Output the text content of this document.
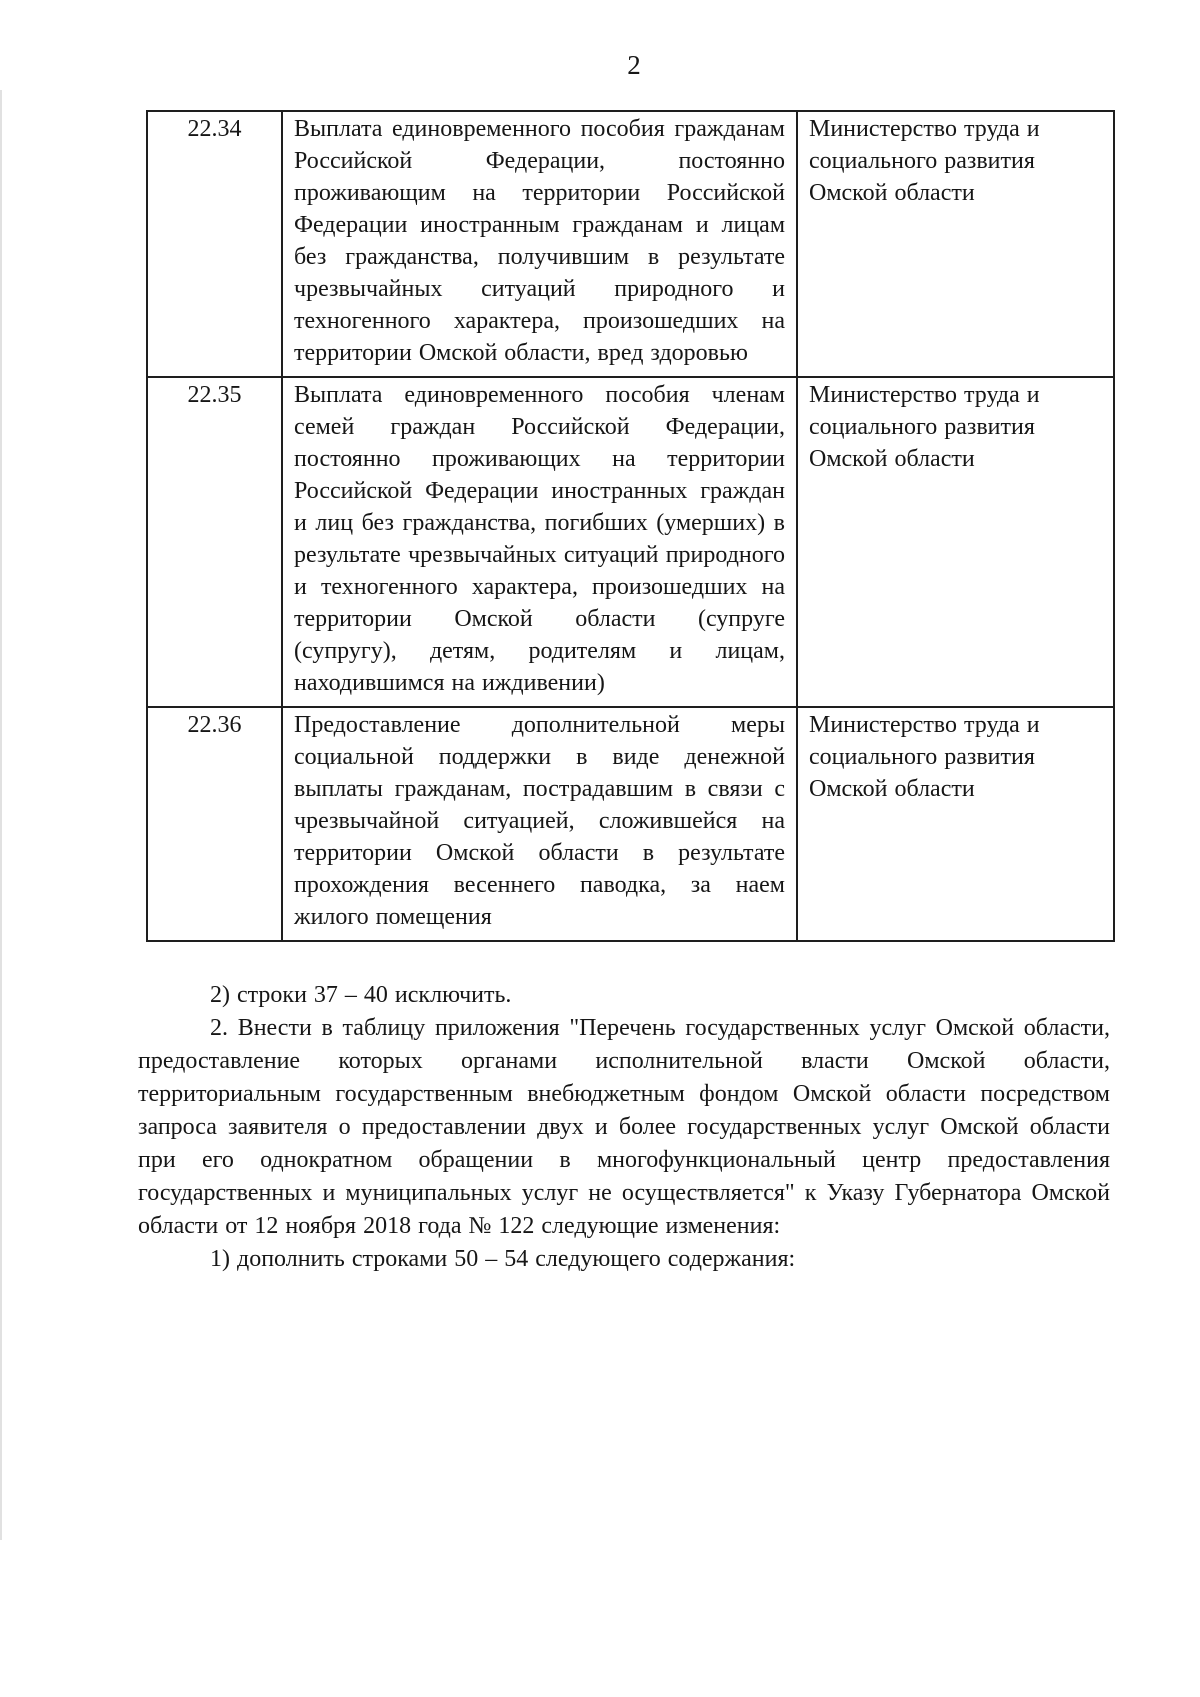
2
22.34	Выплата единовременного пособия гражданам Российской Федерации, постоянно проживающим на территории Российской Федерации иностранным гражданам и лицам без гражданства, получившим в результате чрезвычайных ситуаций природного и техногенного характера, произошедших на территории Омской области, вред здоровью	Министерство труда и социального развития Омской области
22.35	Выплата единовременного пособия членам семей граждан Российской Федерации, постоянно проживающих на территории Российской Федерации иностранных граждан и лиц без гражданства, погибших (умерших) в результате чрезвычайных ситуаций природного и техногенного характера, произошедших на территории Омской области (супруге (супругу), детям, родителям и лицам, находившимся на иждивении)	Министерство труда и социального развития Омской области
22.36	Предоставление дополнительной меры социальной поддержки в виде денежной выплаты гражданам, пострадавшим в связи с чрезвычайной ситуацией, сложившейся на территории Омской области в результате прохождения весеннего паводка, за наем жилого помещения	Министерство труда и социального развития Омской области

2) строки 37 – 40 исключить.

2. Внести в таблицу приложения "Перечень государственных услуг Омской области, предоставление которых органами исполнительной власти Омской области, территориальным государственным внебюджетным фондом Омской области посредством запроса заявителя о предоставлении двух и более государственных услуг Омской области при его однократном обращении в многофункциональный центр предоставления государственных и муниципальных услуг не осуществляется" к Указу Губернатора Омской области от 12 ноября 2018 года № 122 следующие изменения:

1) дополнить строками 50 – 54 следующего содержания:
